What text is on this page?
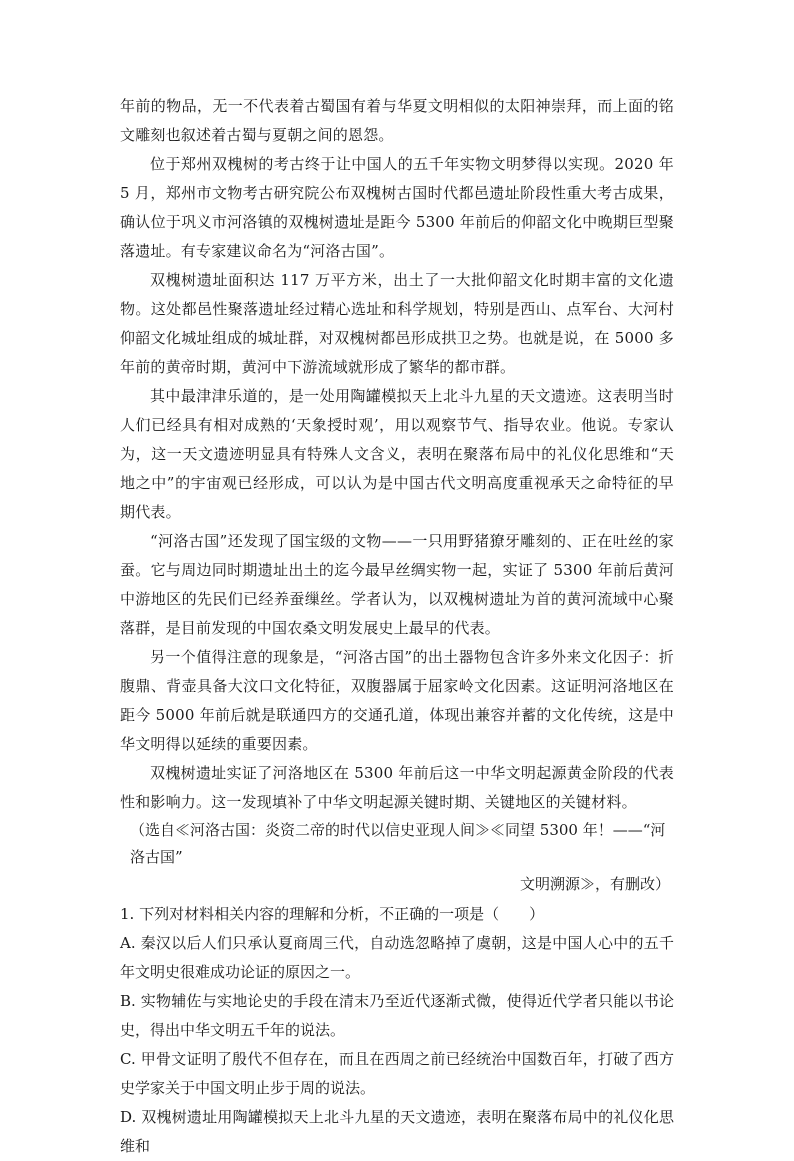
年前的物品，无一不代表着古蜀国有着与华夏文明相似的太阳神崇拜，而上面的铭文雕刻也叙述着古蜀与夏朝之间的恩怨。

位于郑州双槐树的考古终于让中国人的五千年实物文明梦得以实现。2020 年 5 月，郑州市文物考古研究院公布双槐树古国时代都邑遗址阶段性重大考古成果，确认位于巩义市河洛镇的双槐树遗址是距今 5300 年前后的仰韶文化中晚期巨型聚落遗址。有专家建议命名为“河洛古国”。

双槐树遗址面积达 117 万平方米，出土了一大批仰韶文化时期丰富的文化遗物。这处都邑性聚落遗址经过精心选址和科学规划，特别是西山、点军台、大河村仰韶文化城址组成的城址群，对双槐树都邑形成拱卫之势。也就是说，在 5000 多年前的黄帝时期，黄河中下游流域就形成了繁华的都市群。

其中最津津乐道的，是一处用陶罐模拟天上北斗九星的天文遗迹。这表明当时人们已经具有相对成熟的‘天象授时观’，用以观察节气、指导农业。他说。专家认为，这一天文遗迹明显具有特殊人文含义，表明在聚落布局中的礼仪化思维和“天地之中”的宇宙观已经形成，可以认为是中国古代文明高度重视承天之命特征的早期代表。

“河洛古国”还发现了国宝级的文物——一只用野猪獠牙雕刻的、正在吐丝的家蚕。它与周边同时期遗址出土的迄今最早丝绸实物一起，实证了 5300 年前后黄河中游地区的先民们已经养蚕缫丝。学者认为，以双槐树遗址为首的黄河流域中心聚落群，是目前发现的中国农桑文明发展史上最早的代表。

另一个值得注意的现象是，“河洛古国”的出土器物包含许多外来文化因子：折腹鼎、背壶具备大汶口文化特征，双腹器属于屈家岭文化因素。这证明河洛地区在距今 5000 年前后就是联通四方的交通孔道，体现出兼容并蓄的文化传统，这是中华文明得以延续的重要因素。

双槐树遗址实证了河洛地区在 5300 年前后这一中华文明起源黄金阶段的代表性和影响力。这一发现填补了中华文明起源关键时期、关键地区的关键材料。

（选自≪河洛古国：炎资二帝的时代以信史亚现人间≫≪同望 5300 年！——“河洛古国”
文明溯源≫，有删改）

1. 下列对材料相关内容的理解和分析，不正确的一项是（　　）

A. 秦汉以后人们只承认夏商周三代，自动选忽略掉了虞朝，这是中国人心中的五千年文明史很难成功论证的原因之一。

B. 实物辅佐与实地论史的手段在清末乃至近代逐渐式微，使得近代学者只能以书论史，得出中华文明五千年的说法。

C. 甲骨文证明了殷代不但存在，而且在西周之前已经统治中国数百年，打破了西方史学家关于中国文明止步于周的说法。

D. 双槐树遗址用陶罐模拟天上北斗九星的天文遗迹，表明在聚落布局中的礼仪化思维和
